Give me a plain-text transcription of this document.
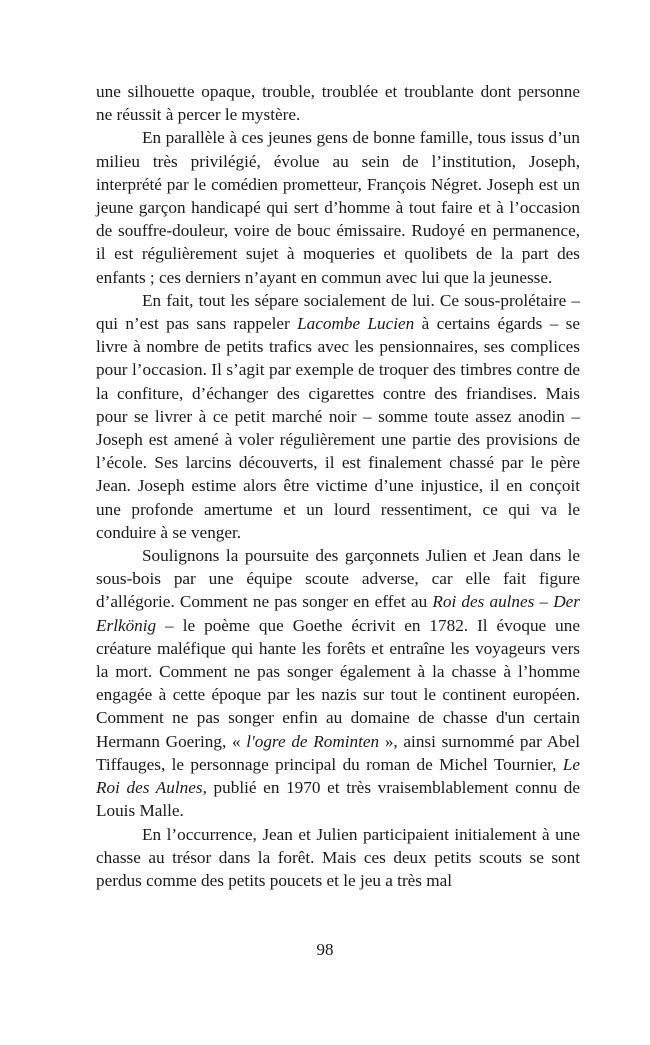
une silhouette opaque, trouble, troublée et troublante dont personne ne réussit à percer le mystère.

En parallèle à ces jeunes gens de bonne famille, tous issus d’un milieu très privilégié, évolue au sein de l’institution, Joseph, interprété par le comédien prometteur, François Négret. Joseph est un jeune garçon handicapé qui sert d’homme à tout faire et à l’occasion de souffre-douleur, voire de bouc émissaire. Rudoyé en permanence, il est régulièrement sujet à moqueries et quolibets de la part des enfants ; ces derniers n’ayant en commun avec lui que la jeunesse.

En fait, tout les sépare socialement de lui. Ce sous-prolétaire – qui n’est pas sans rappeler Lacombe Lucien à certains égards – se livre à nombre de petits trafics avec les pensionnaires, ses complices pour l’occasion. Il s’agit par exemple de troquer des timbres contre de la confiture, d’échanger des cigarettes contre des friandises. Mais pour se livrer à ce petit marché noir – somme toute assez anodin – Joseph est amené à voler régulièrement une partie des provisions de l’école. Ses larcins découverts, il est finalement chassé par le père Jean. Joseph estime alors être victime d’une injustice, il en conçoit une profonde amertume et un lourd ressentiment, ce qui va le conduire à se venger.

Soulignons la poursuite des garçonnets Julien et Jean dans le sous-bois par une équipe scoute adverse, car elle fait figure d’allégorie. Comment ne pas songer en effet au Roi des aulnes – Der Erlkönig – le poème que Goethe écrivit en 1782. Il évoque une créature maléfique qui hante les forêts et entraîne les voyageurs vers la mort. Comment ne pas songer également à la chasse à l’homme engagée à cette époque par les nazis sur tout le continent européen. Comment ne pas songer enfin au domaine de chasse d'un certain Hermann Goering, « l'ogre de Rominten », ainsi surnommé par Abel Tiffauges, le personnage principal du roman de Michel Tournier, Le Roi des Aulnes, publié en 1970 et très vraisemblablement connu de Louis Malle.

En l’occurrence, Jean et Julien participaient initialement à une chasse au trésor dans la forêt. Mais ces deux petits scouts se sont perdus comme des petits poucets et le jeu a très mal

98
